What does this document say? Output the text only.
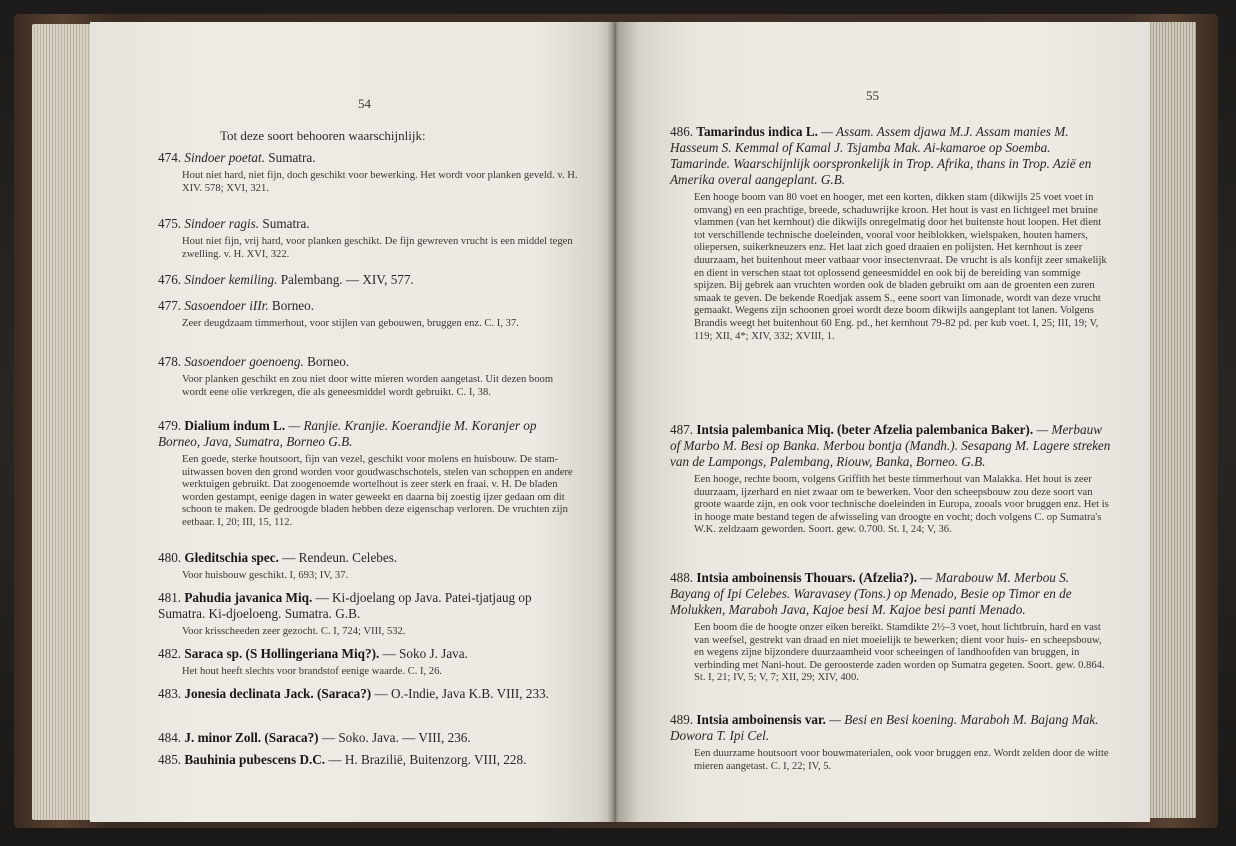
54
Tot deze soort behooren waarschijnlijk:

474. Sindoer poetat. Sumatra.

Hout niet hard, niet fijn, doch geschikt voor bewerking. Het wordt voor planken geveld. v. H. XIV. 578; XVI, 321.

475. Sindoer ragis. Sumatra.

Hout niet fijn, vrij hard, voor planken geschikt. De fijn gewreven vrucht is een middel tegen zwelling. v. H. XVI, 322.

476. Sindoer kemiling. Palembang. — XIV, 577.

477. Sasoendoer iIIr. Borneo.

Zeer deugdzaam timmerhout, voor stijlen van gebouwen, bruggen enz. C. I, 37.

478. Sasoendoer goenoeng. Borneo.

Voor planken geschikt en zou niet door witte mieren worden aangetast. Uit dezen boom wordt eene olie verkregen, die als geneesmiddel wordt gebruikt. C. I, 38.

479. Dialium indum L. — Ranjie. Kranjie. Koerandjie M. Koranjer op Borneo, Java, Sumatra, Borneo G.B.

Een goede, sterke houtsoort, fijn van vezel, geschikt voor molens en huisbouw. De stam-uitwassen boven den grond worden voor goudwaschschotels, stelen van schoppen en andere werktuigen gebruikt. Dat zoogenoemde wortelhout is zeer sterk en fraai. v. H. De bladen worden gestampt, eenige dagen in water geweekt en daarna bij zoestig ijzer gedaan om dit schoon te maken. De gedroogde bladen hebben deze eigenschap verloren. De vruchten zijn eetbaar. I, 20; III, 15, 112.

480. Gleditschia spec. — Rendeun. Celebes.

Voor huisbouw geschikt. I, 693; IV, 37.

481. Pahudia javanica Miq. — Ki-djoelang op Java. Patei-tjatjaug op Sumatra. Ki-djoeloeng. Sumatra. G.B.

Voor krisscheeden zeer gezocht. C. I, 724; VIII, 532.

482. Saraca sp. (S Hollingeriana Miq?). — Soko J. Java.

Het hout heeft slechts voor brandstof eenige waarde. C. I, 26.

483. Jonesia declinata Jack. (Saraca?) — O.-Indie, Java K.B. VIII, 233.

484. J. minor Zoll. (Saraca?) — Soko. Java. — VIII, 236.

485. Bauhinia pubescens D.C. — H. Brazilië, Buitenzorg. VIII, 228.

55

486. Tamarindus indica L. — Assam. Assem djawa M.J. Assam manies M. Hasseum S. Kemmal of Kamal J. Tsjamba Mak. Ai-kamaroe op Soemba. Tamarinde. Waarschijnlijk oorspronkelijk in Trop. Afrika, thans in Trop. Azië en Amerika overal aangeplant. G.B.

Een hooge boom van 80 voet en hooger, met een korten, dikken stam (dikwijls 25 voet voet in omvang) en een prachtige, breede, schaduwrijke kroon. Het hout is vast en lichtgeel met bruine vlammen (van het kernhout) die dikwijls onregelmatig door het buitenste hout loopen. Het dient tot verschillende technische doeleinden, vooral voor heiblokken, wielspaken, houten hamers, oliepersen, suikerkneuzers enz. Het laat zich goed draaien en polijsten. Het kernhout is zeer duurzaam, het buitenhout meer vatbaar voor insectenvraat. De vrucht is als konfijt zeer smakelijk en dient in verschen staat tot oplossend geneesmiddel en ook bij de bereiding van sommige spijzen. Bij gebrek aan vruchten worden ook de bladen gebruikt om aan de groenten een zuren smaak te geven. De bekende Roedjak assem S., eene soort van limonade, wordt van deze vrucht gemaakt. Wegens zijn schoonen groei wordt deze boom dikwijls aangeplant tot lanen. Volgens Brandis weegt het buitenhout 60 Eng. pd., het kernhout 79-82 pd. per kub voet. I, 25; III, 19; V, 119; XII, 4*; XIV, 332; XVIII, 1.

487. Intsia palembanica Miq. (beter Afzelia palembanica Baker). — Merbauw of Marbo M. Besi op Banka. Merbou bontja (Mandh.). Sesapang M. Lagere streken van de Lampongs, Palembang, Riouw, Banka, Borneo. G.B.

Een hooge, rechte boom, volgens Griffith het beste timmerhout van Malakka. Het hout is zeer duurzaam, ijzerhard en niet zwaar om te bewerken. Voor den scheepsbouw zou deze soort van groote waarde zijn, en ook voor technische doeleinden in Europa, zooals voor bruggen enz. Het is in hooge mate bestand tegen de afwisseling van droogte en vocht; doch volgens C. op Sumatra's W.K. zeldzaam geworden. Soort. gew. 0.700. St. I, 24; V, 36.

488. Intsia amboinensis Thouars. (Afzelia?). — Marabouw M. Merbou S. Bayang of Ipi Celebes. Waravasey (Tons.) op Menado, Besie op Timor en de Molukken, Maraboh Java, Kajoe besi M. Kajoe besi panti Menado.

Een boom die de hoogte onzer eiken bereikt. Stamdikte 2½–3 voet, hout lichtbruin, hard en vast van weefsel, gestrekt van draad en niet moeielijk te bewerken; dient voor huis- en scheepsbouw, en wegens zijne bijzondere duurzaamheid voor scheeingen of landhoofden van bruggen, in verbinding met Nani-hout. De geroosterde zaden worden op Sumatra gegeten. Soort. gew. 0.864. St. I, 21; IV, 5; V, 7; XII, 29; XIV, 400.

489. Intsia amboinensis var. — Besi en Besi koening. Maraboh M. Bajang Mak. Dowora T. Ipi Cel.

Een duurzame houtsoort voor bouwmaterialen, ook voor bruggen enz. Wordt zelden door de witte mieren aangetast. C. I, 22; IV, 5.
